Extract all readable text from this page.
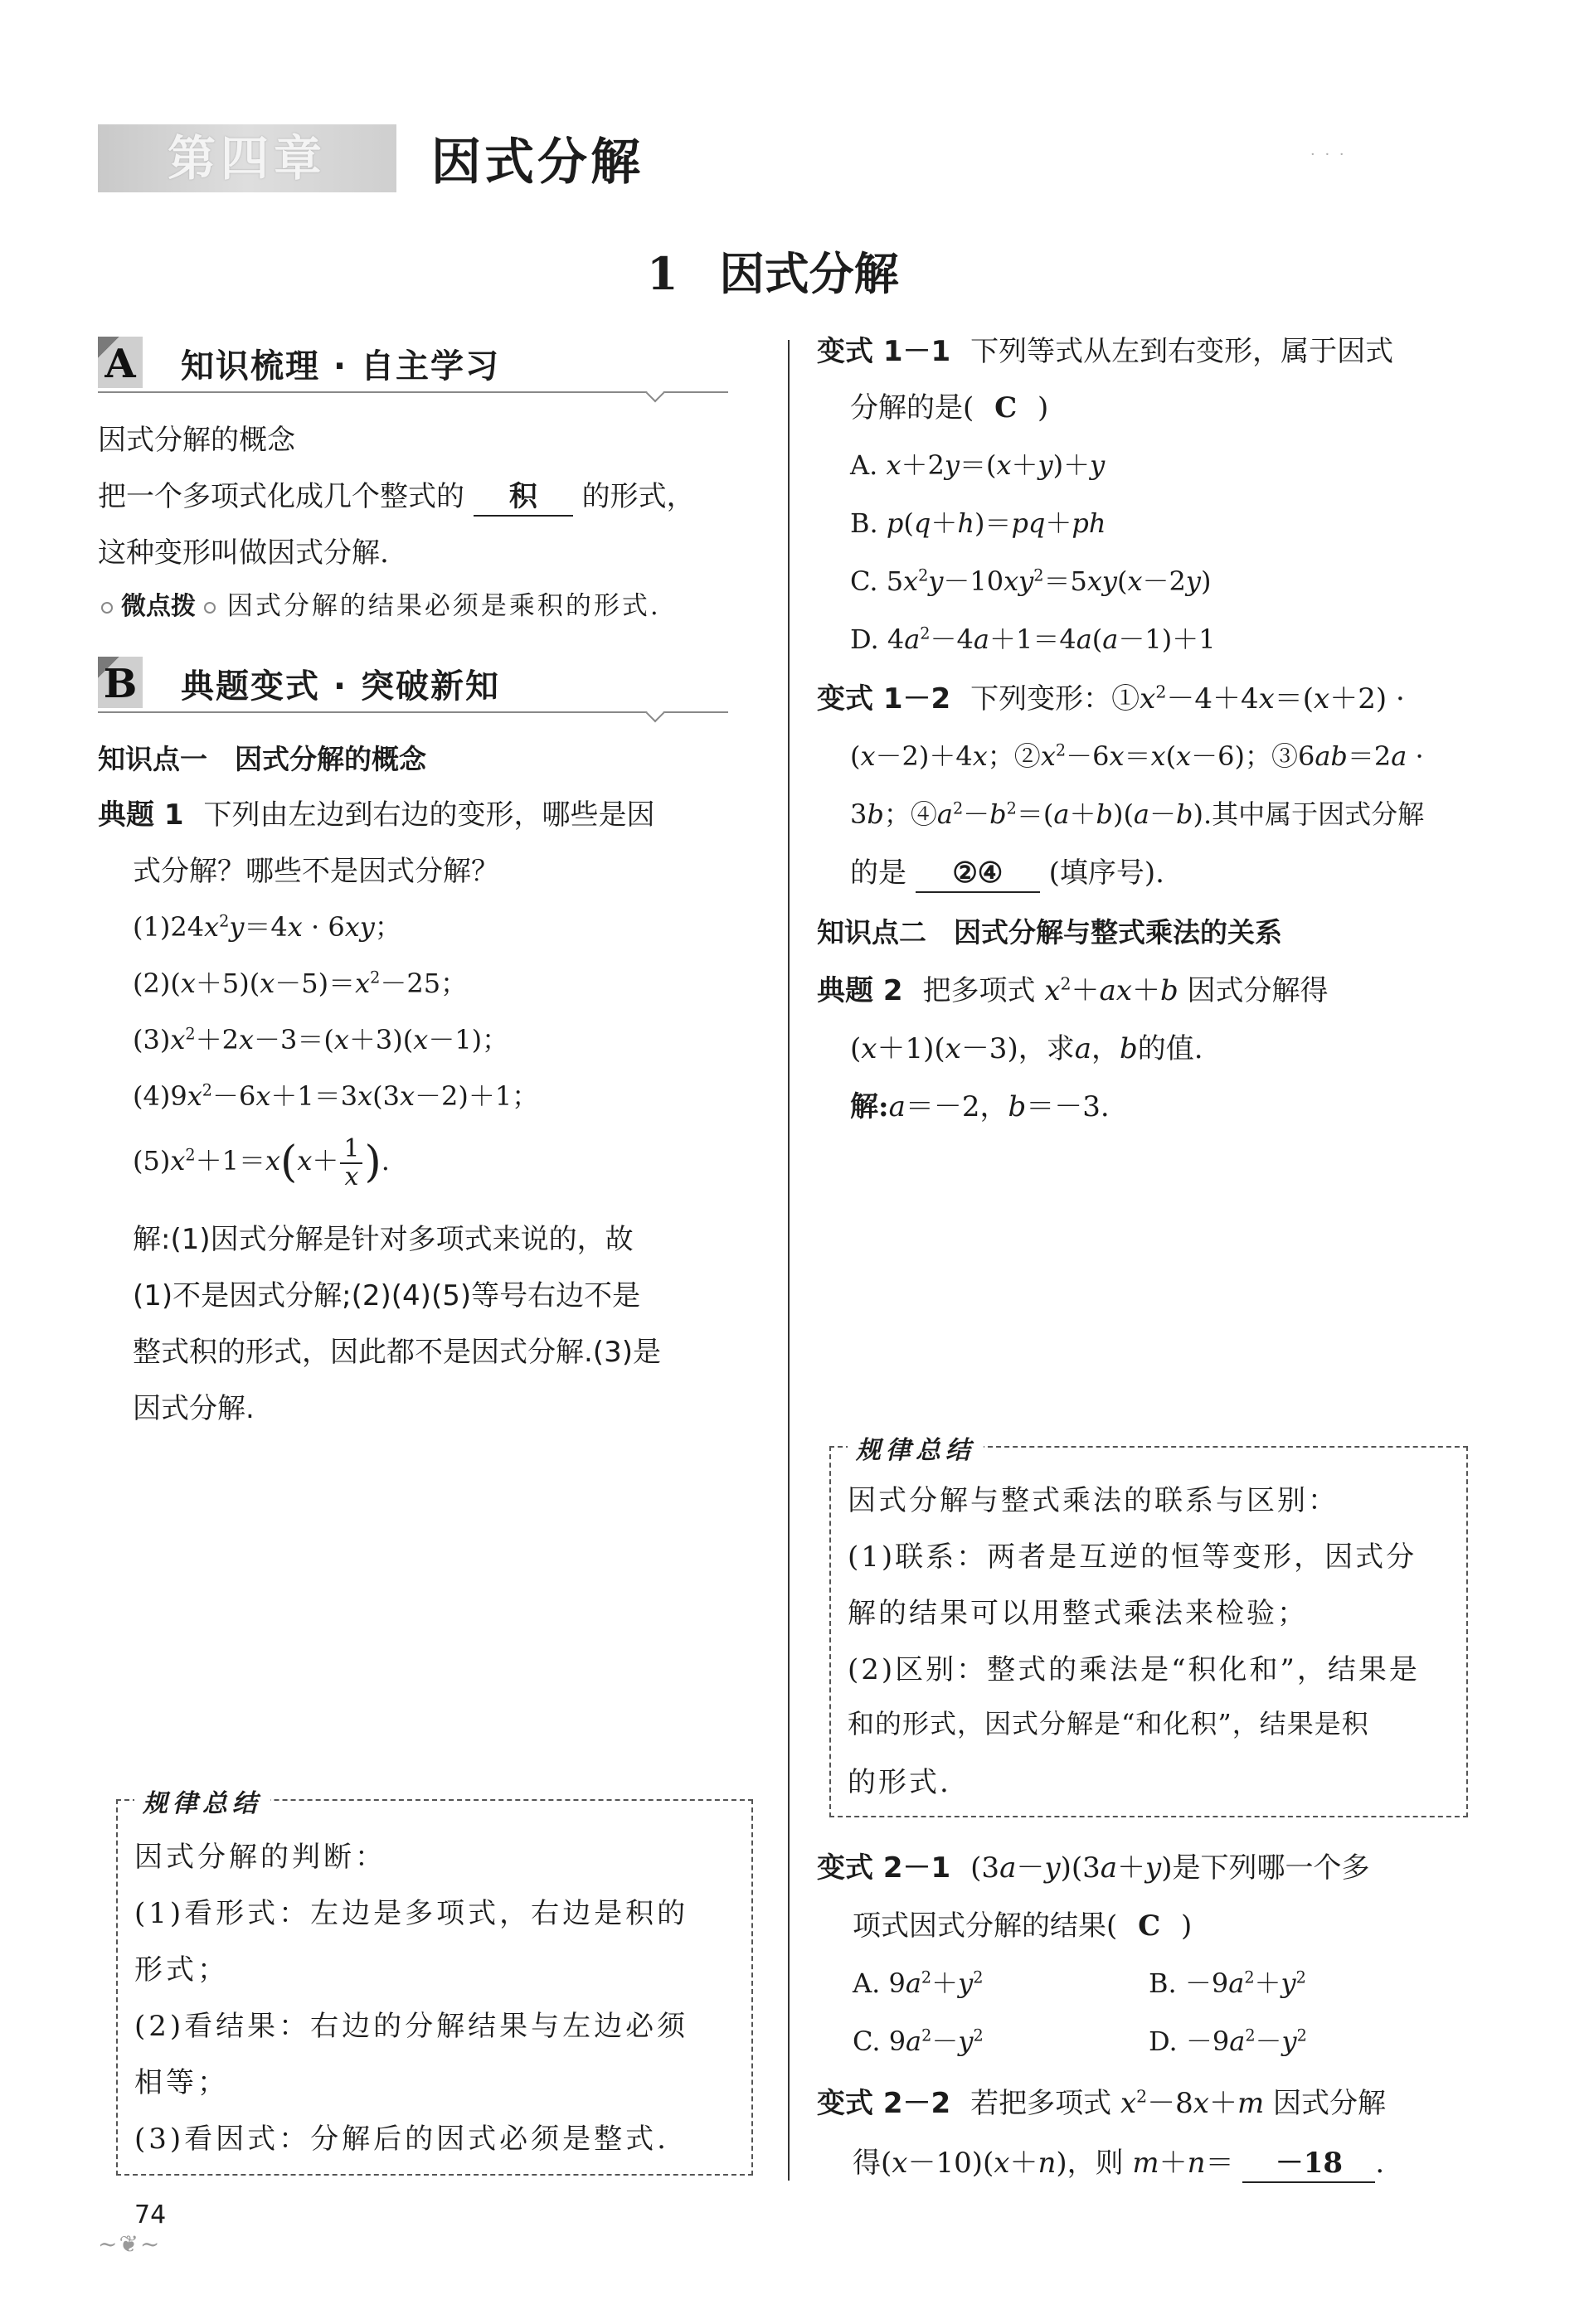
第四章	因式分解	· · ·
1 因式分解
A 知识梳理 · 自主学习
因式分解的概念
把一个多项式化成几个整式的 积 的形式，
这种变形叫做因式分解.
微点拨 因式分解的结果必须是乘积的形式.
B 典题变式 · 突破新知
知识点一　因式分解的概念
典题 1 下列由左边到右边的变形，哪些是因
式分解？哪些不是因式分解？
$(1)24x^2y=4x \cdot 6xy$；
$(2)(x+5)(x-5)=x^2-25$；
$(3)x^2+2x-3=(x+3)(x-1)$；
$(4)9x^2-6x+1=3x(3x-2)+1$；
$(5)x^2+1=x(x+ \frac{1}{x}$ ).
解:(1)因式分解是针对多项式来说的，故
(1)不是因式分解;(2)(4)(5)等号右边不是
整式积的形式，因此都不是因式分解.(3)是
因式分解.
规律总结
因式分解的判断：
(1)看形式：左边是多项式，右边是积的
形式；
(2)看结果：右边的分解结果与左边必须
相等；
(3)看因式：分解后的因式必须是整式.
变式 1－1 下列等式从左到右变形，属于因式
分解的是( C )
A. x＋2y＝(x＋y)＋y
B. p(q＋h)＝pq＋ph
C. $5x^2y-10xy^2=5xy(x-2y)$
D. $4a^2-4a+1=4a(a-1)+1$
变式 1－2 下列变形：$①x^2-4+4x=(x+2)$ ·
(x－2)＋4x；$②x^2-6x=x(x-6)$；③6ab＝2a ·
3b；$④a^2-b^2=(a+b)(a-b)$.其中属于因式分解
的是 ②④ (填序号).
知识点二　因式分解与整式乘法的关系
典题 2 把多项式 $x^2+ax+b$ 因式分解得
(x＋1)(x－3)，求a，b的值.
解:a＝－2，b＝－3.
规律总结
因式分解与整式乘法的联系与区别：
(1)联系：两者是互逆的恒等变形，因式分
解的结果可以用整式乘法来检验；
(2)区别：整式的乘法是“积化和”，结果是
和的形式，因式分解是“和化积”，结果是积
的形式.
变式 2－1 (3a－y)(3a＋y)是下列哪一个多
项式因式分解的结果( C )
A. $9a^2+y^2$	B. $-9a^2+y^2$
C. $9a^2-y^2$	D. $-9a^2-y^2$
变式 2－2 若把多项式 $x^2-8x+m$ 因式分解
得(x－10)(x＋n)，则 m＋n＝ －18 .
74
~❦~
